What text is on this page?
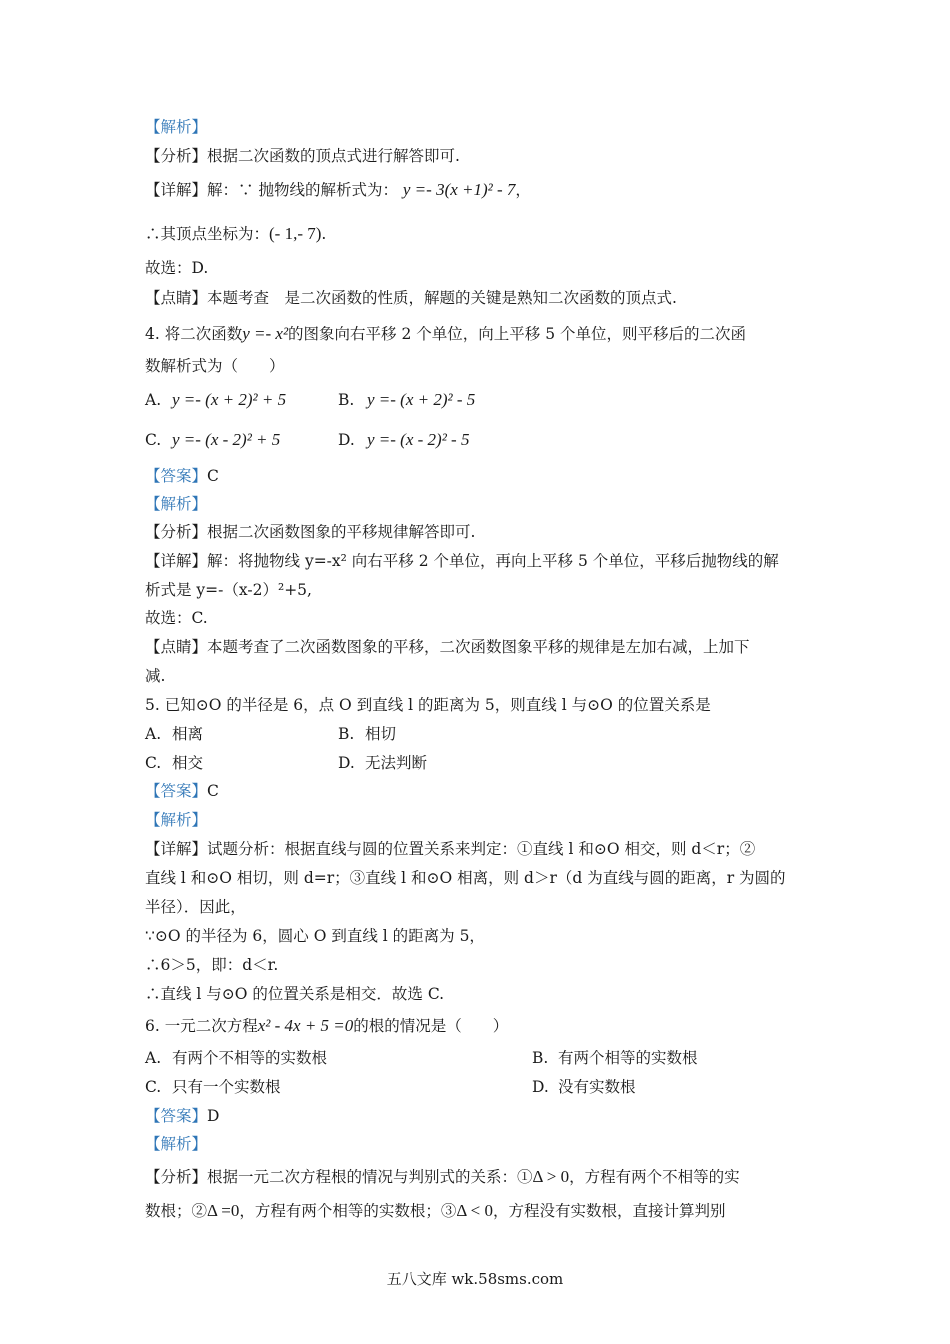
【解析】
【分析】根据二次函数的顶点式进行解答即可.
【详解】解：∵ 抛物线的解析式为： y =- 3(x +1)² - 7，
∴其顶点坐标为：(- 1,- 7).
故选：D.
【点睛】本题考查　是二次函数的性质，解题的关键是熟知二次函数的顶点式.
4. 将二次函数y =- x²的图象向右平移 2 个单位，向上平移 5 个单位，则平移后的二次函
数解析式为（　　）
A. y =- (x + 2)² + 5	B. y =- (x + 2)² - 5
C. y =- (x - 2)² + 5	D. y =- (x - 2)² - 5
【答案】C
【解析】
【分析】根据二次函数图象的平移规律解答即可.
【详解】解：将抛物线 y=-x² 向右平移 2 个单位，再向上平移 5 个单位，平移后抛物线的解
析式是 y=-（x-2）²+5,
故选：C.
【点睛】本题考查了二次函数图象的平移，二次函数图象平移的规律是左加右减，上加下
减.
5. 已知⊙O 的半径是 6，点 O 到直线 l 的距离为 5，则直线 l 与⊙O 的位置关系是
A. 相离	B. 相切
C. 相交	D. 无法判断
【答案】C
【解析】
【详解】试题分析：根据直线与圆的位置关系来判定：①直线 l 和⊙O 相交，则 d＜r；②
直线 l 和⊙O 相切，则 d=r；③直线 l 和⊙O 相离，则 d＞r（d 为直线与圆的距离，r 为圆的
半径）．因此，
∵⊙O 的半径为 6，圆心 O 到直线 l 的距离为 5，
∴6＞5，即：d＜r.
∴直线 l 与⊙O 的位置关系是相交．故选 C.
6. 一元二次方程x² - 4x + 5 =0的根的情况是（　　）
A. 有两个不相等的实数根	B. 有两个相等的实数根
C. 只有一个实数根	D. 没有实数根
【答案】D
【解析】
【分析】根据一元二次方程根的情况与判别式的关系：①Δ > 0，方程有两个不相等的实
数根；②Δ =0，方程有两个相等的实数根；③Δ < 0，方程没有实数根，直接计算判别
五八文库 wk.58sms.com
